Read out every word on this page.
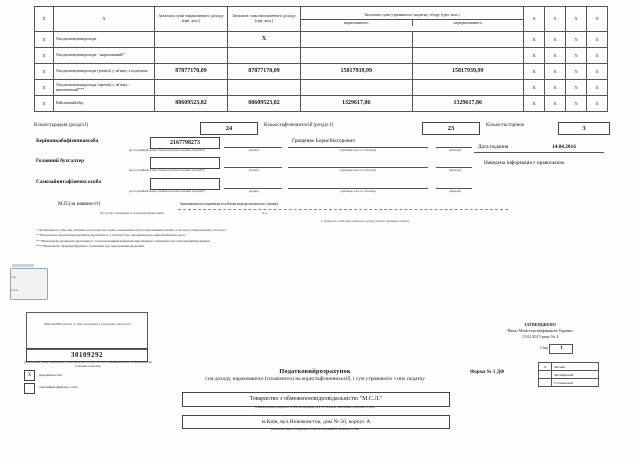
X	X	Загальна сума нарахованого доходу (грн, коп.)	Загальна сума виплаченого доходу (грн, коп.)	Загальна сума утриманого податку, збору (грн, коп.)
нарахованого перерахованого		X	X	X	X
X	Оподатковуванідоходи		X			X	X	X	X
X	Оподатковуванідоходи - нарахований*					X	X	X	X
X	Оподатковуванідоходи (premii) у зв'язку з податком	87877170,09	87877170,09	15817939,99	15817939,99	X	X	X	X
X	Оподатковуванідоходи (премії) у зв'язку - виключений***					X	X	X	X
X	Військовийзбір	88609523,82	88609523,82	1329617,86	1329617,86	X	X	X	X
Кількістьрядків (розділ I)	24	Кількістьфізичнихосіб (розділ I)	23	Кількістьсторінок	3
Керівникабофізичнаособа	2167798273	Грищенко БорисВікторович
(реєстраційний номер облікової картки платника податків*)	(підпис)	(прізвище, ім'я, по батькові)	(ініціали)	Дата подання	14.04.2016
Головний бухгалтер
(реєстраційний номер облікової картки платника податків*)	(підпис)	(прізвище, ім'я, по батькові)	(ініціали)
Наведена інформація є правильною
Самозайнятафізична особа
(реєстраційний номер облікової картки платника податків*)	(підпис)	(прізвище, ім'я, по батькові)	(ініціали)
М.П.(за наявності)	Запевненопосадовими особами контролюючого органу
Реєстр про заповнення за спеціальнопідписанням	№ р.
С підписом особи контролюючого органу (штамп, прізвище, підпис)
* Для фізичної особи, яка заповнює в паспорті про право заповнення в бухгалтерськимипозначено у паспорті повідомлення у паспорті.
** Включаючи оформленнідокументи нарахованого у паспорті про наповнення про приєднанняміси зараз.
*** Включаючи оформлені нарахованого та нарахованийформування приєднанняза зазначених про приєднанняприєднання.
**** Включаючи оформленіформиза зазначених про приєднанняприєднання.
Стр.
Стор.
ДОКЛАДНО (назва та при передання у податкову звітності)
30109292
(податковий номер юридичної особи (фізичної особи) або реєстраційний номер облікової картки платника податків)
X юридичнаособа
самозайнятафізична особа
Податковийрозрахунок
сум доходу, нарахованого (сплаченого) на користьфізичнихосіб, і сум утриманого з них податку
Товариство з обмеженоювідповідальністю "М.С.Л."
(найменування юридичної особи чи прізвище, ім'я, по батькові самозайнятої фізичної особи)
м.Київ, вул.Новоконстча, дом № 50, корпус А
(податкова адреса юридичної особи чи самозайнятої фізичної особи)
ЗАТВЕРДЖЕНО
Наказ Міністерствафінансів України
13.01.2015 року № 4
Стор. 1
Форма № 1 ДФ
X	Звітний
	Звітнийновий
	Уточнюючий
